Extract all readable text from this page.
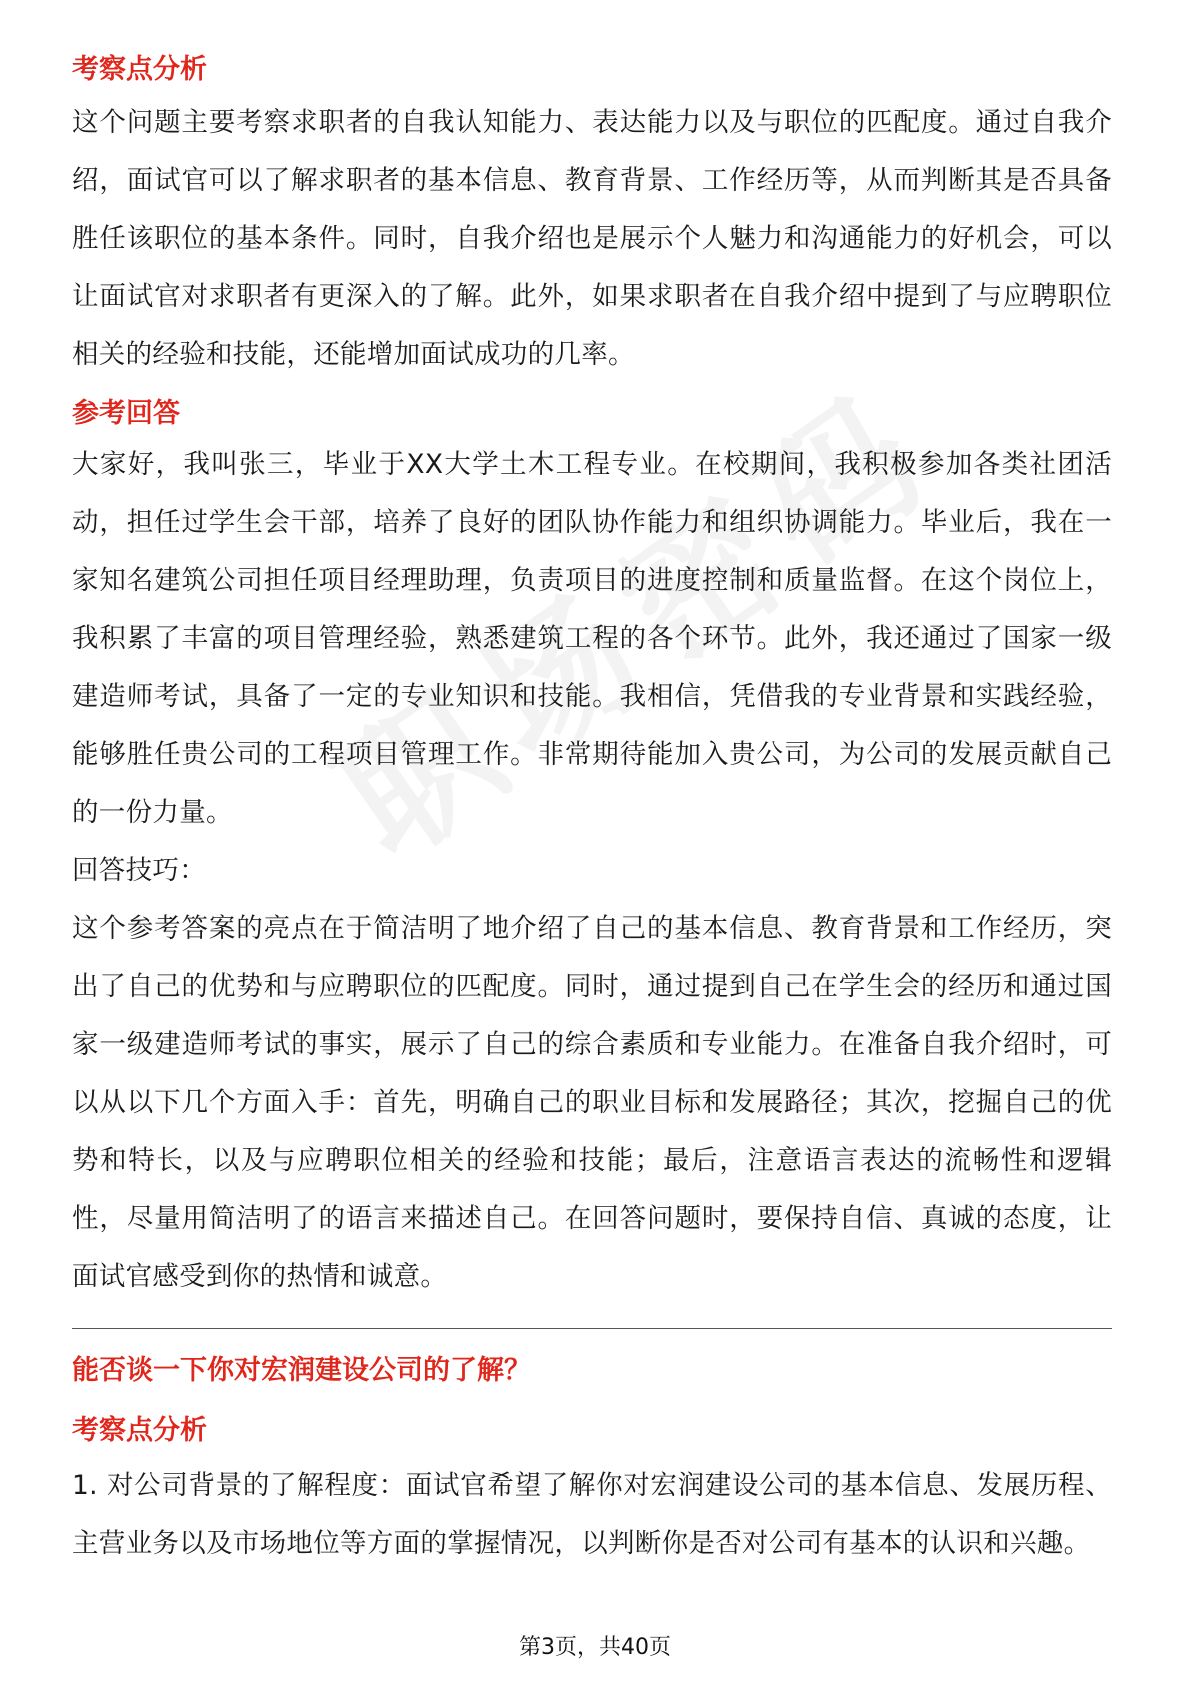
考察点分析

这个问题主要考察求职者的自我认知能力、表达能力以及与职位的匹配度。通过自我介绍，面试官可以了解求职者的基本信息、教育背景、工作经历等，从而判断其是否具备胜任该职位的基本条件。同时，自我介绍也是展示个人魅力和沟通能力的好机会，可以让面试官对求职者有更深入的了解。此外，如果求职者在自我介绍中提到了与应聘职位相关的经验和技能，还能增加面试成功的几率。

参考回答

大家好，我叫张三，毕业于XX大学土木工程专业。在校期间，我积极参加各类社团活动，担任过学生会干部，培养了良好的团队协作能力和组织协调能力。毕业后，我在一家知名建筑公司担任项目经理助理，负责项目的进度控制和质量监督。在这个岗位上，我积累了丰富的项目管理经验，熟悉建筑工程的各个环节。此外，我还通过了国家一级建造师考试，具备了一定的专业知识和技能。我相信，凭借我的专业背景和实践经验，能够胜任贵公司的工程项目管理工作。非常期待能加入贵公司，为公司的发展贡献自己的一份力量。

回答技巧：

这个参考答案的亮点在于简洁明了地介绍了自己的基本信息、教育背景和工作经历，突出了自己的优势和与应聘职位的匹配度。同时，通过提到自己在学生会的经历和通过国家一级建造师考试的事实，展示了自己的综合素质和专业能力。在准备自我介绍时，可以从以下几个方面入手：首先，明确自己的职业目标和发展路径；其次，挖掘自己的优势和特长，以及与应聘职位相关的经验和技能；最后，注意语言表达的流畅性和逻辑性，尽量用简洁明了的语言来描述自己。在回答问题时，要保持自信、真诚的态度，让面试官感受到你的热情和诚意。

能否谈一下你对宏润建设公司的了解？
考察点分析

1. 对公司背景的了解程度：面试官希望了解你对宏润建设公司的基本信息、发展历程、主营业务以及市场地位等方面的掌握情况，以判断你是否对公司有基本的认识和兴趣。

第3页，共40页
